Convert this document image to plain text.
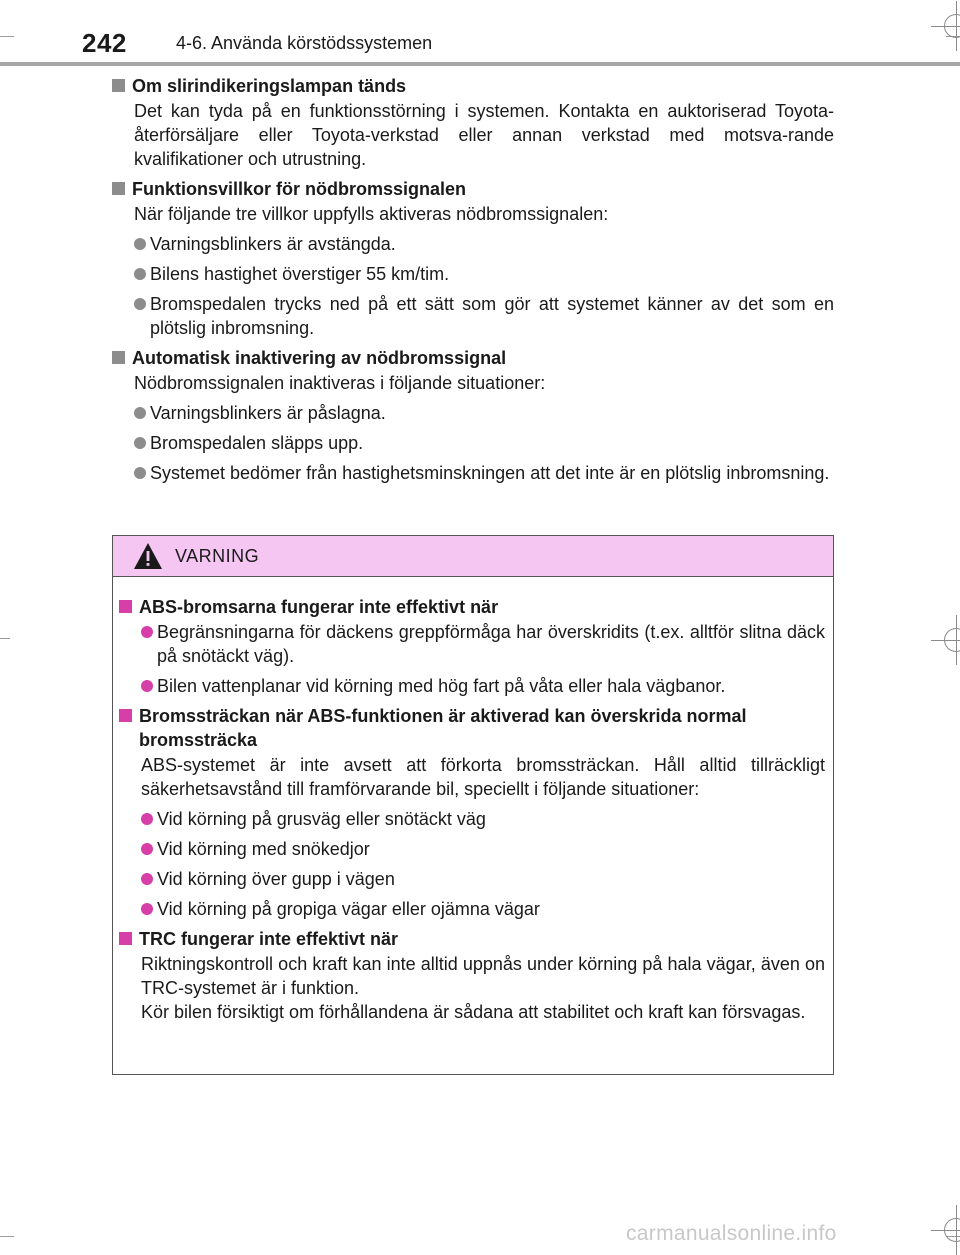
242	4-6. Använda körstödssystemen
Om slirindikeringslampan tänds
Det kan tyda på en funktionsstörning i systemen. Kontakta en auktoriserad Toyota-återförsäljare eller Toyota-verkstad eller annan verkstad med motsva-rande kvalifikationer och utrustning.
Funktionsvillkor för nödbromssignalen
När följande tre villkor uppfylls aktiveras nödbromssignalen:
Varningsblinkers är avstängda.
Bilens hastighet överstiger 55 km/tim.
Bromspedalen trycks ned på ett sätt som gör att systemet känner av det som en plötslig inbromsning.
Automatisk inaktivering av nödbromssignal
Nödbromssignalen inaktiveras i följande situationer:
Varningsblinkers är påslagna.
Bromspedalen släpps upp.
Systemet bedömer från hastighetsminskningen att det inte är en plötslig inbromsning.
VARNING
ABS-bromsarna fungerar inte effektivt när
Begränsningarna för däckens greppförmåga har överskridits (t.ex. alltför slitna däck på snötäckt väg).
Bilen vattenplanar vid körning med hög fart på våta eller hala vägbanor.
Bromssträckan när ABS-funktionen är aktiverad kan överskrida normal bromssträcka
ABS-systemet är inte avsett att förkorta bromssträckan. Håll alltid tillräckligt säkerhetsavstånd till framförvarande bil, speciellt i följande situationer:
Vid körning på grusväg eller snötäckt väg
Vid körning med snökedjor
Vid körning över gupp i vägen
Vid körning på gropiga vägar eller ojämna vägar
TRC fungerar inte effektivt när
Riktningskontroll och kraft kan inte alltid uppnås under körning på hala vägar, även on TRC-systemet är i funktion.
Kör bilen försiktigt om förhållandena är sådana att stabilitet och kraft kan försvagas.
carmanualsonline.info
